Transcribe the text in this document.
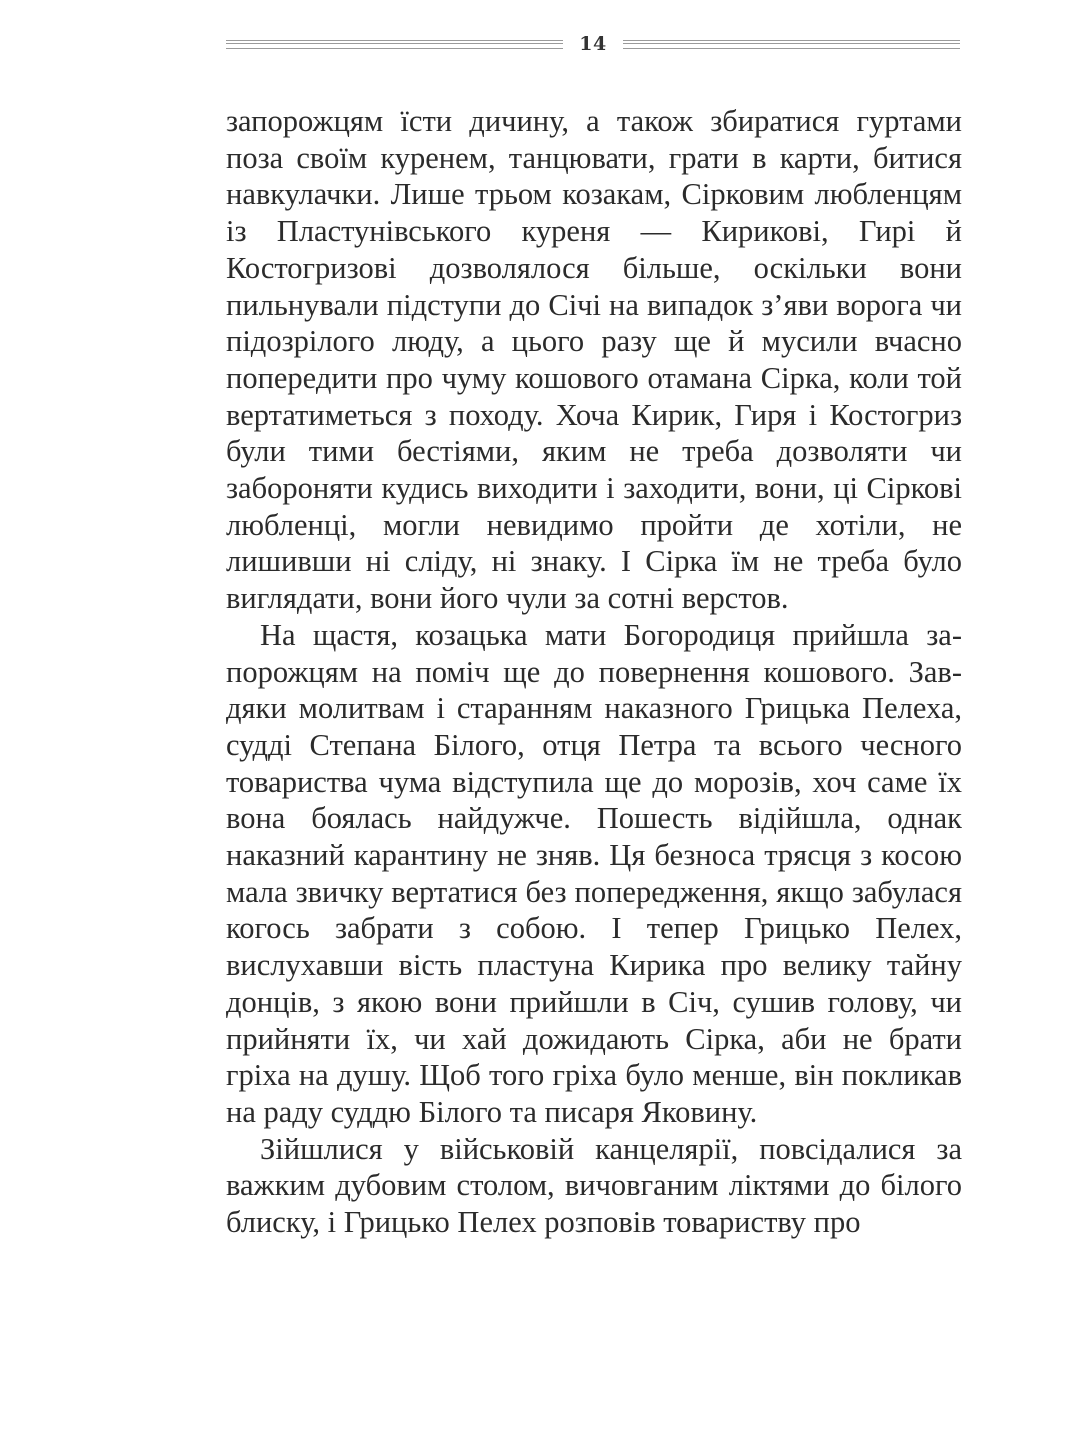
14

запорожцям їсти дичину, а також збиратися гуртами поза своїм куренем, танцювати, грати в карти, битися навкулачки. Лише трьом козакам, Сірковим любленцям із Пластунівського куреня — Кирикові, Гирі й Костогризові дозволялося більше, оскільки вони пильнували підступи до Січі на випадок з’яви ворога чи підозрілого люду, а цього разу ще й мусили вчасно попередити про чуму кошового отамана Сірка, коли той вертатиметься з походу. Хоча Кирик, Гиря і Костогриз були тими бестіями, яким не треба дозволяти чи забороняти кудись виходити і заходити, вони, ці Сіркові любленці, могли невидимо пройти де хотіли, не лишивши ні сліду, ні знаку. І Сірка їм не треба було виглядати, вони його чули за сотні верстов.

На щастя, козацька мати Богородиця прийшла запорожцям на поміч ще до повернення кошового. Завдяки молитвам і старанням наказного Грицька Пелеха, судді Степана Білого, отця Петра та всього чесного товариства чума відступила ще до морозів, хоч саме їх вона боялась найдужче. Пошесть відійшла, однак наказний карантину не зняв. Ця безноса трясця з косою мала звичку вертатися без попередження, якщо забулася когось забрати з собою. І тепер Грицько Пелех, вислухавши вість пластуна Кирика про велику тайну донців, з якою вони прийшли в Січ, сушив голову, чи прийняти їх, чи хай дожидають Сірка, аби не брати гріха на душу. Щоб того гріха було менше, він покликав на раду суддю Білого та писаря Яковину.

Зійшлися у військовій канцелярії, повсідалися за важким дубовим столом, вичовганим ліктями до білого блиску, і Грицько Пелех розповів товариству про
